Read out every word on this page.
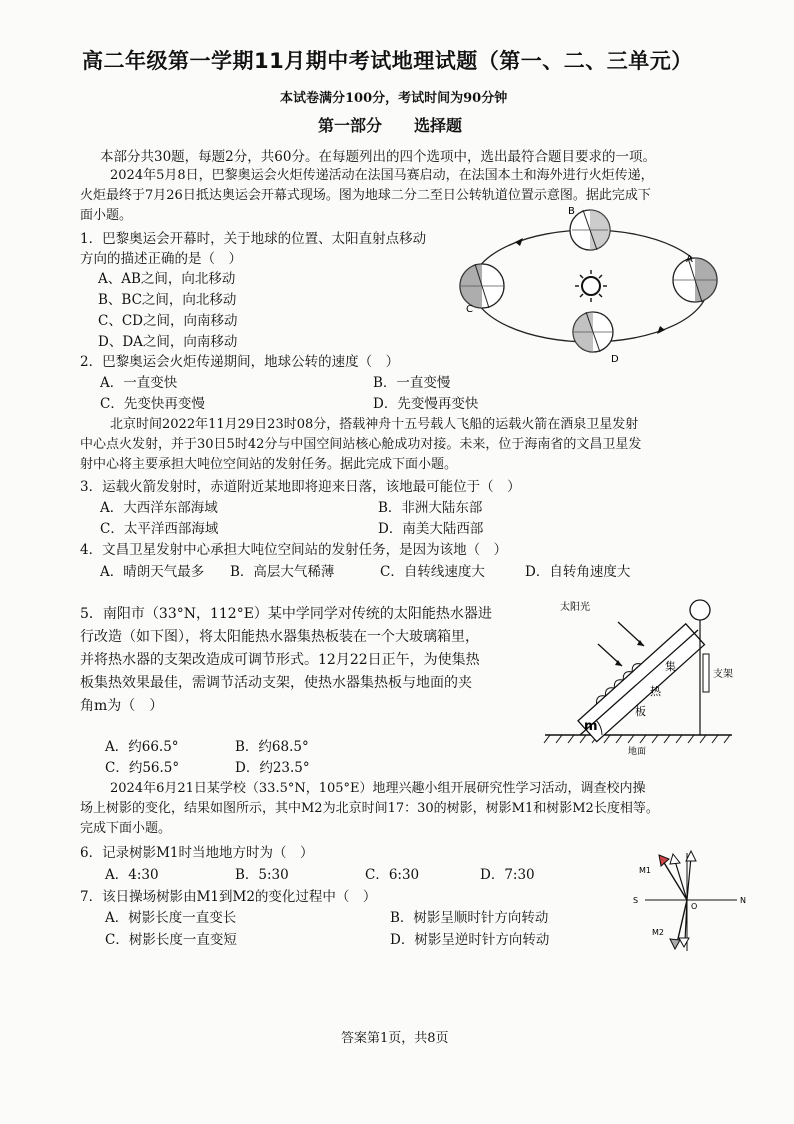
高二年级第一学期11月期中考试地理试题（第一、二、三单元）
本试卷满分100分，考试时间为90分钟
第一部分　　选择题
本部分共30题，每题2分，共60分。在每题列出的四个选项中，选出最符合题目要求的一项。
2024年5月8日，巴黎奥运会火炬传递活动在法国马赛启动，在法国本土和海外进行火炬传递，
火炬最终于7月26日抵达奥运会开幕式现场。图为地球二分二至日公转轨道位置示意图。据此完成下
面小题。
1．巴黎奥运会开幕时，关于地球的位置、太阳直射点移动
方向的描述正确的是（　）
A、AB之间，向北移动
B、BC之间，向北移动
C、CD之间，向南移动
D、DA之间，向南移动
B
C
A
D
2．巴黎奥运会火炬传递期间，地球公转的速度（　）
A．一直变快	B．一直变慢
C．先变快再变慢	D．先变慢再变快
北京时间2022年11月29日23时08分，搭载神舟十五号载人飞船的运载火箭在酒泉卫星发射
中心点火发射，并于30日5时42分与中国空间站核心舱成功对接。未来，位于海南省的文昌卫星发
射中心将主要承担大吨位空间站的发射任务。据此完成下面小题。
3．运载火箭发射时，赤道附近某地即将迎来日落，该地最可能位于（　）
A．大西洋东部海域	B．非洲大陆东部
C．太平洋西部海域	D．南美大陆西部
4．文昌卫星发射中心承担大吨位空间站的发射任务，是因为该地（　）
A．晴朗天气最多 B．高层大气稀薄	C．自转线速度大	D．自转角速度大
5．南阳市（33°N，112°E）某中学同学对传统的太阳能热水器进
行改造（如下图），将太阳能热水器集热板装在一个大玻璃箱里，
并将热水器的支架改造成可调节形式。12月22日正午，为使集热
板集热效果最佳，需调节活动支架，使热水器集热板与地面的夹
角m为（　）
A．约66.5°	B．约68.5°
C．约56.5°	D．约23.5°
太阳光
集
热
板
支架
m
地面
2024年6月21日某学校（33.5°N，105°E）地理兴趣小组开展研究性学习活动，调查校内操
场上树影的变化，结果如图所示，其中M2为北京时间17：30的树影，树影M1和树影M2长度相等。
完成下面小题。
6．记录树影M1时当地地方时为（　）
A．4:30	B．5:30	C．6:30	D．7:30
7．该日操场树影由M1到M2的变化过程中（　）
A．树影长度一直变长	B．树影呈顺时针方向转动
C．树影长度一直变短	D．树影呈逆时针方向转动
M1
M2
S	N
O
答案第1页，共8页
